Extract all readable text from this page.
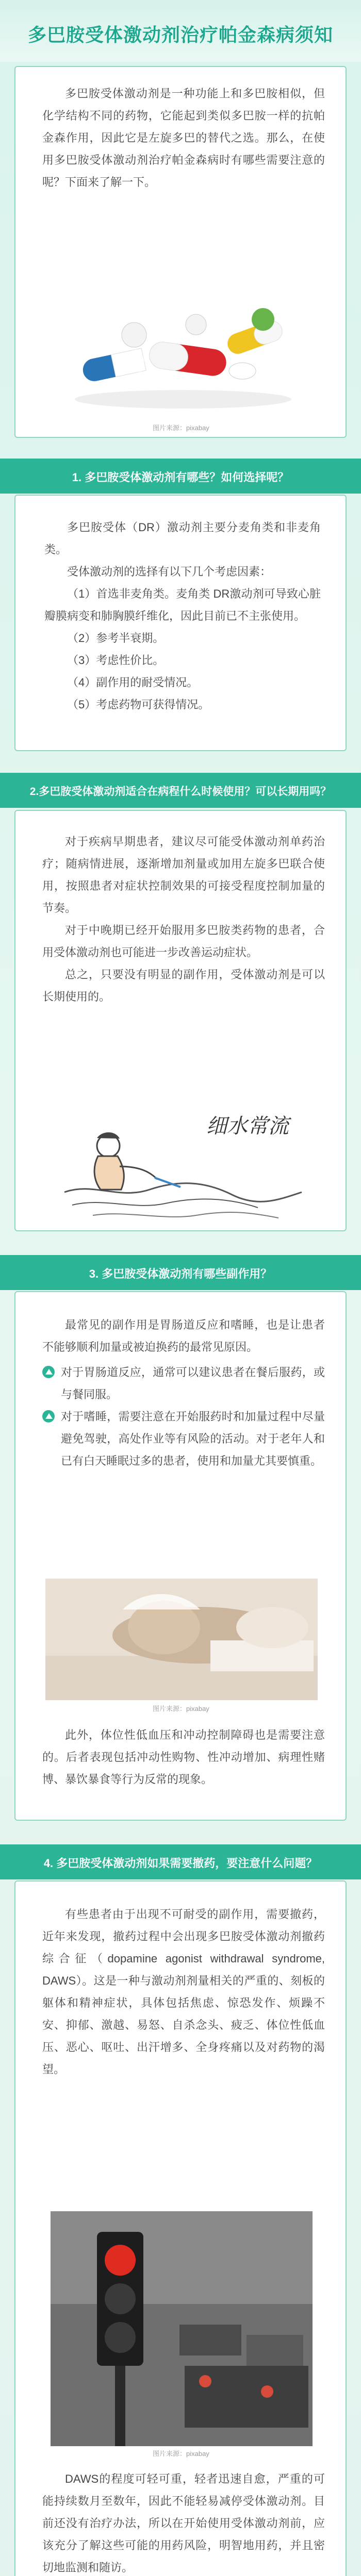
多巴胺受体激动剂治疗帕金森病须知

多巴胺受体激动剂是一种功能上和多巴胺相似，但化学结构不同的药物，它能起到类似多巴胺一样的抗帕金森作用，因此它是左旋多巴的替代之选。那么，在使用多巴胺受体激动剂治疗帕金森病时有哪些需要注意的呢？下面来了解一下。

图片来源：pixabay
1. 多巴胺受体激动剂有哪些？如何选择呢？

多巴胺受体（DR）激动剂主要分麦角类和非麦角类。

受体激动剂的选择有以下几个考虑因素：

（1）首选非麦角类。麦角类 DR激动剂可导致心脏瓣膜病变和肺胸膜纤维化，因此目前已不主张使用。

（2）参考半衰期。

（3）考虑性价比。

（4）副作用的耐受情况。

（5）考虑药物可获得情况。

2.多巴胺受体激动剂适合在病程什么时候使用？可以长期用吗？

对于疾病早期患者，建议尽可能受体激动剂单药治疗；随病情进展，逐渐增加剂量或加用左旋多巴联合使用，按照患者对症状控制效果的可接受程度控制加量的节奏。

对于中晚期已经开始服用多巴胺类药物的患者，合用受体激动剂也可能进一步改善运动症状。

总之，只要没有明显的副作用，受体激动剂是可以长期使用的。

细水常流
3. 多巴胺受体激动剂有哪些副作用？

最常见的副作用是胃肠道反应和嗜睡，也是让患者不能够顺利加量或被迫换药的最常见原因。

对于胃肠道反应，通常可以建议患者在餐后服药，或与餐同服。

对于嗜睡，需要注意在开始服药时和加量过程中尽量避免驾驶，高处作业等有风险的活动。对于老年人和已有白天睡眠过多的患者，使用和加量尤其要慎重。

图片来源：pixabay

此外，体位性低血压和冲动控制障碍也是需要注意的。后者表现包括冲动性购物、性冲动增加、病理性赌博、暴饮暴食等行为反常的现象。

4. 多巴胺受体激动剂如果需要撤药，要注意什么问题？

有些患者由于出现不可耐受的副作用，需要撤药，近年来发现，撤药过程中会出现多巴胺受体激动剂撤药综合征（dopamine agonist withdrawal syndrome, DAWS）。这是一种与激动剂剂量相关的严重的、刻板的躯体和精神症状，具体包括焦虑、惊恐发作、烦躁不安、抑郁、激越、易怒、自杀念头、疲乏、体位性低血压、恶心、呕吐、出汗增多、全身疼痛以及对药物的渴望。

图片来源：pixabay

DAWS的程度可轻可重，轻者迅速自愈，严重的可能持续数月至数年，因此不能轻易减停受体激动剂。目前还没有治疗办法，所以在开始使用受体激动剂前，应该充分了解这些可能的用药风险，明智地用药，并且密切地监测和随访。
